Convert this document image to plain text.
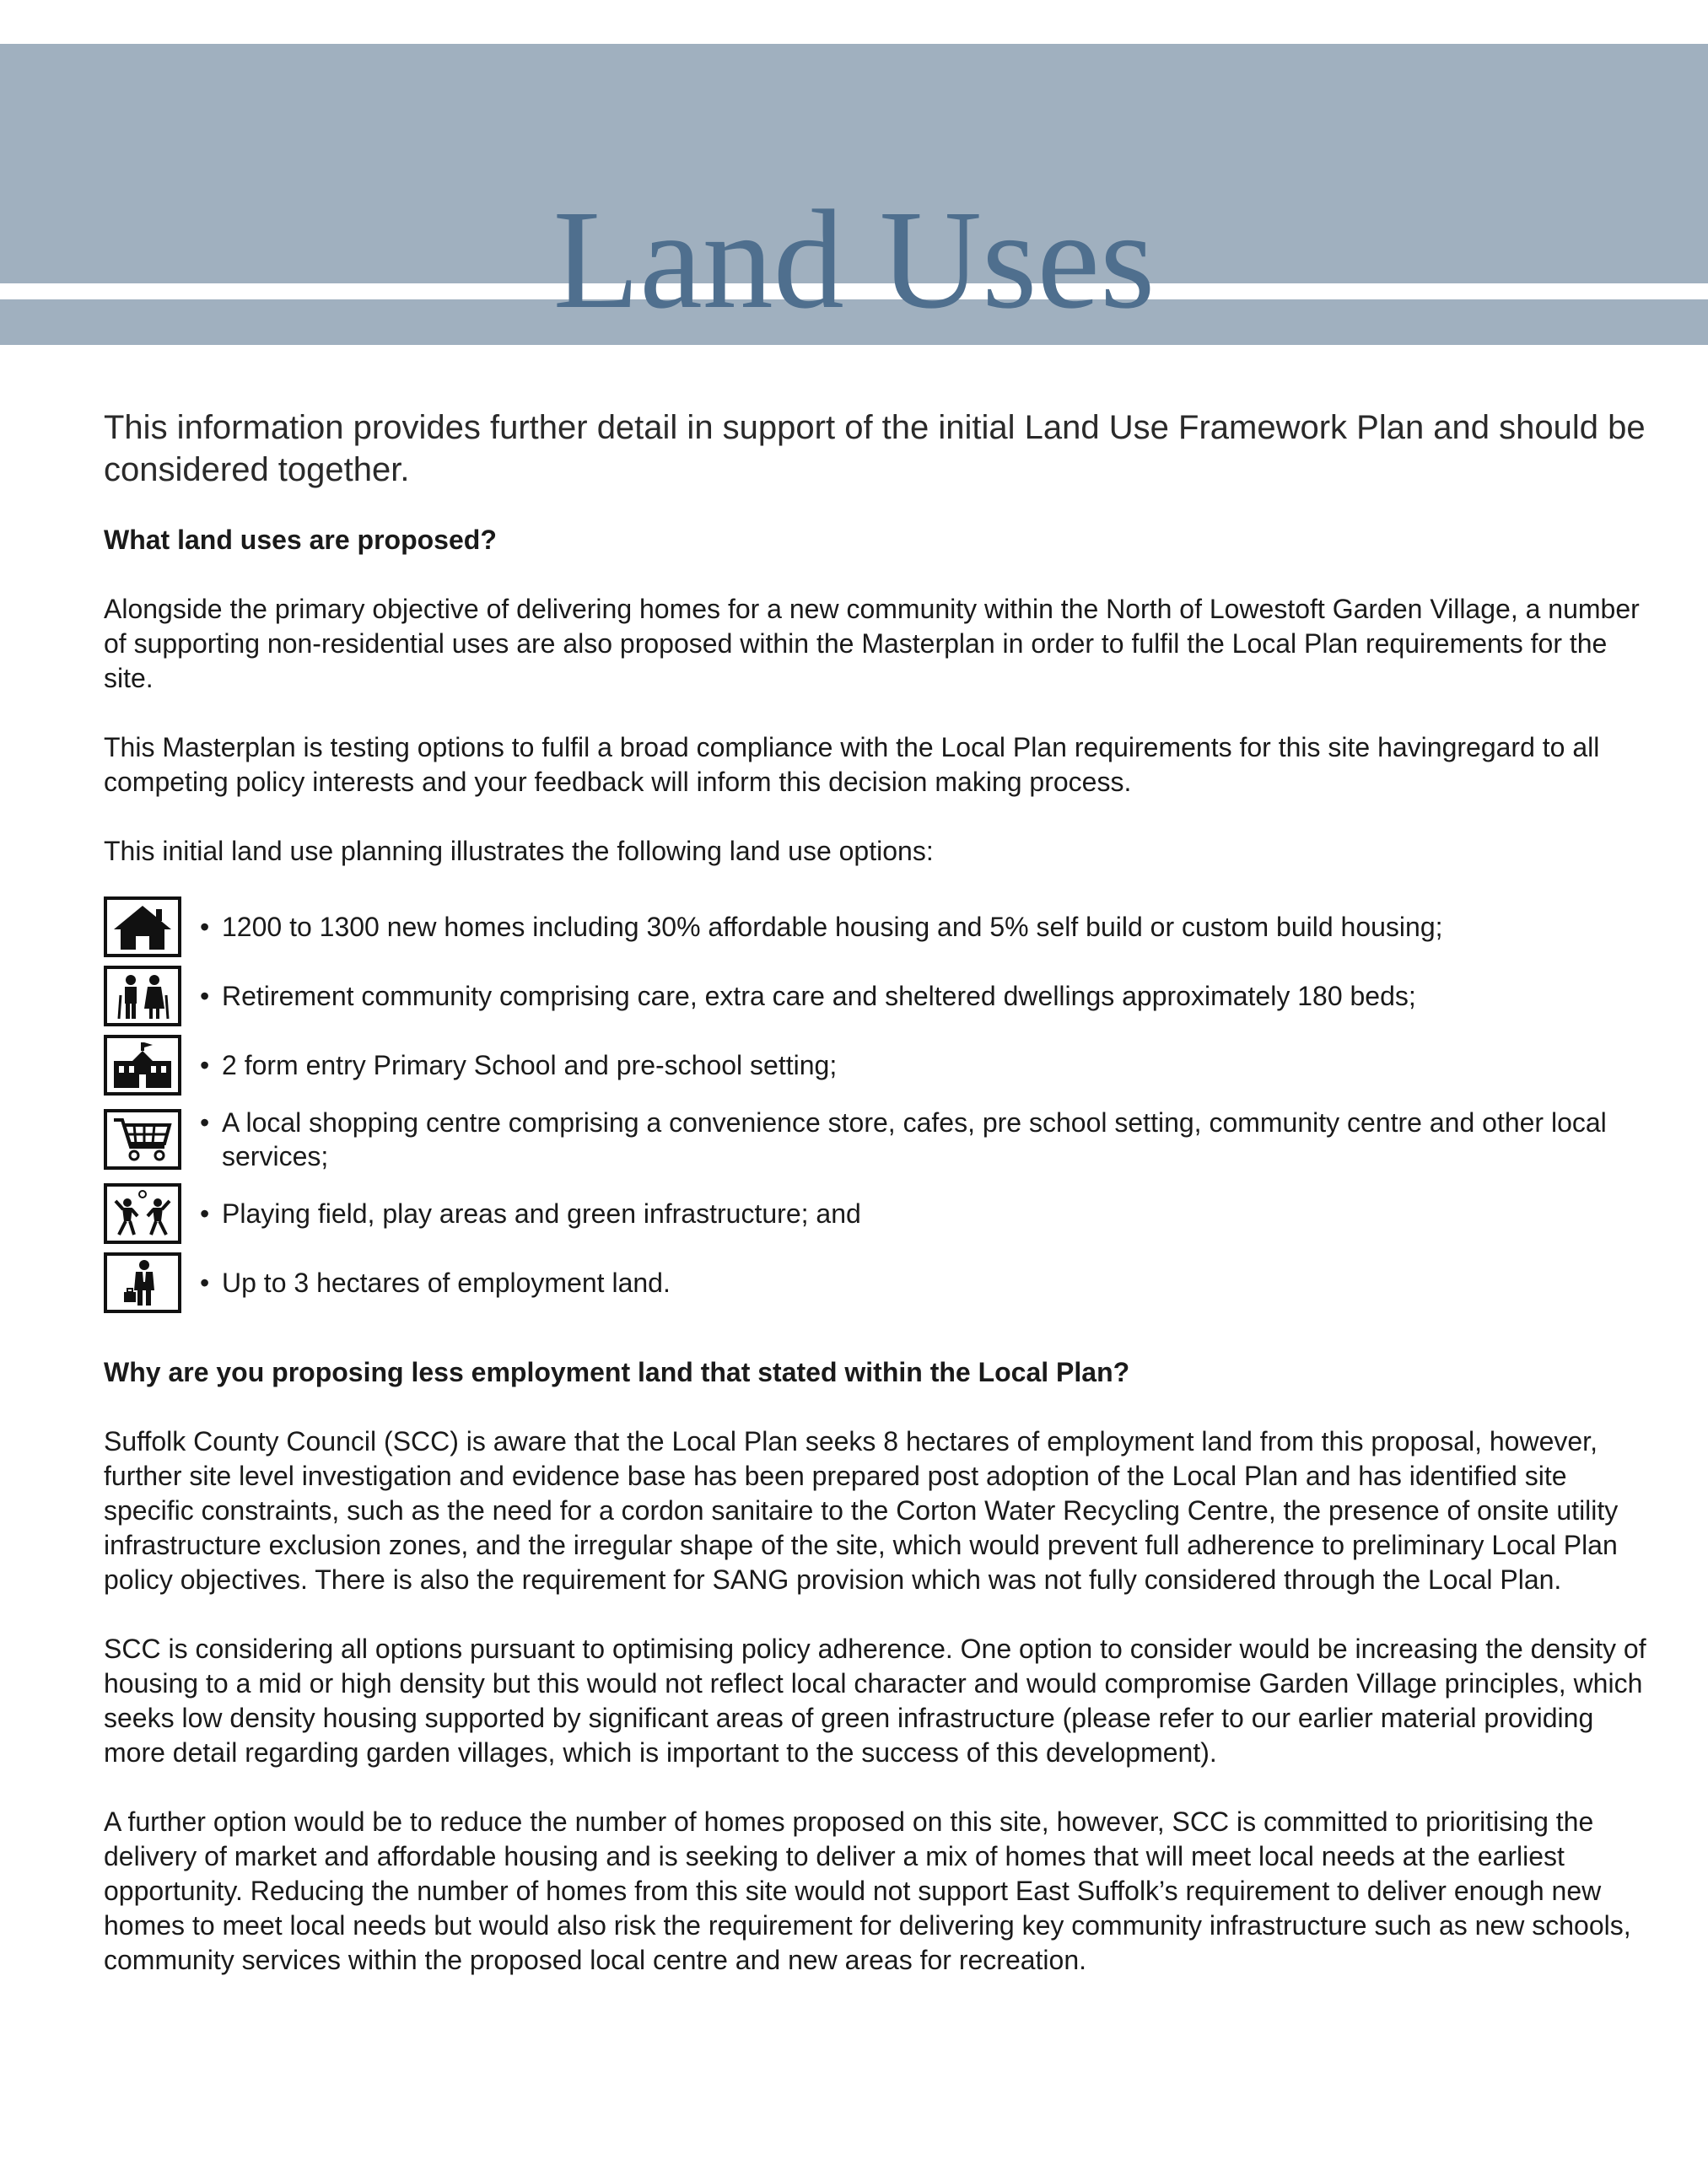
Land Uses

This information provides further detail in support of the initial Land Use Framework Plan and should be considered together.

What land uses are proposed?

Alongside the primary objective of delivering homes for a new community within the North of Lowestoft Garden Village, a number of supporting non-residential uses are also proposed within the Masterplan in order to fulfil the Local Plan requirements for the site.

This Masterplan is testing options to fulfil a broad compliance with the Local Plan requirements for this site havingregard to all competing policy interests and your feedback will inform this decision making process.

This initial land use planning illustrates the following land use options:

• 1200 to 1300 new homes including 30% affordable housing and 5% self build or custom build housing;
• Retirement community comprising care, extra care and sheltered dwellings approximately 180 beds;
• 2 form entry Primary School and pre-school setting;
• A local shopping centre comprising a convenience store, cafes, pre school setting, community centre and other local services;
• Playing field, play areas and green infrastructure; and
• Up to 3 hectares of employment land.

Why are you proposing less employment land that stated within the Local Plan?

Suffolk County Council (SCC) is aware that the Local Plan seeks 8 hectares of employment land from this proposal, however, further site level investigation and evidence base has been prepared post adoption of the Local Plan and has identified site specific constraints, such as the need for a cordon sanitaire to the Corton Water Recycling Centre, the presence of onsite utility infrastructure exclusion zones, and the irregular shape of the site, which would prevent full adherence to preliminary Local Plan policy objectives. There is also the requirement for SANG provision which was not fully considered through the Local Plan.

SCC is considering all options pursuant to optimising policy adherence. One option to consider would be increasing the density of housing to a mid or high density but this would not reflect local character and would compromise Garden Village principles, which seeks low density housing supported by significant areas of green infrastructure (please refer to our earlier material providing more detail regarding garden villages, which is important to the success of this development).

A further option would be to reduce the number of homes proposed on this site, however, SCC is committed to prioritising the delivery of market and affordable housing and is seeking to deliver a mix of homes that will meet local needs at the earliest opportunity. Reducing the number of homes from this site would not support East Suffolk’s requirement to deliver enough new homes to meet local needs but would also risk the requirement for delivering key community infrastructure such as new schools, community services within the proposed local centre and new areas for recreation.
